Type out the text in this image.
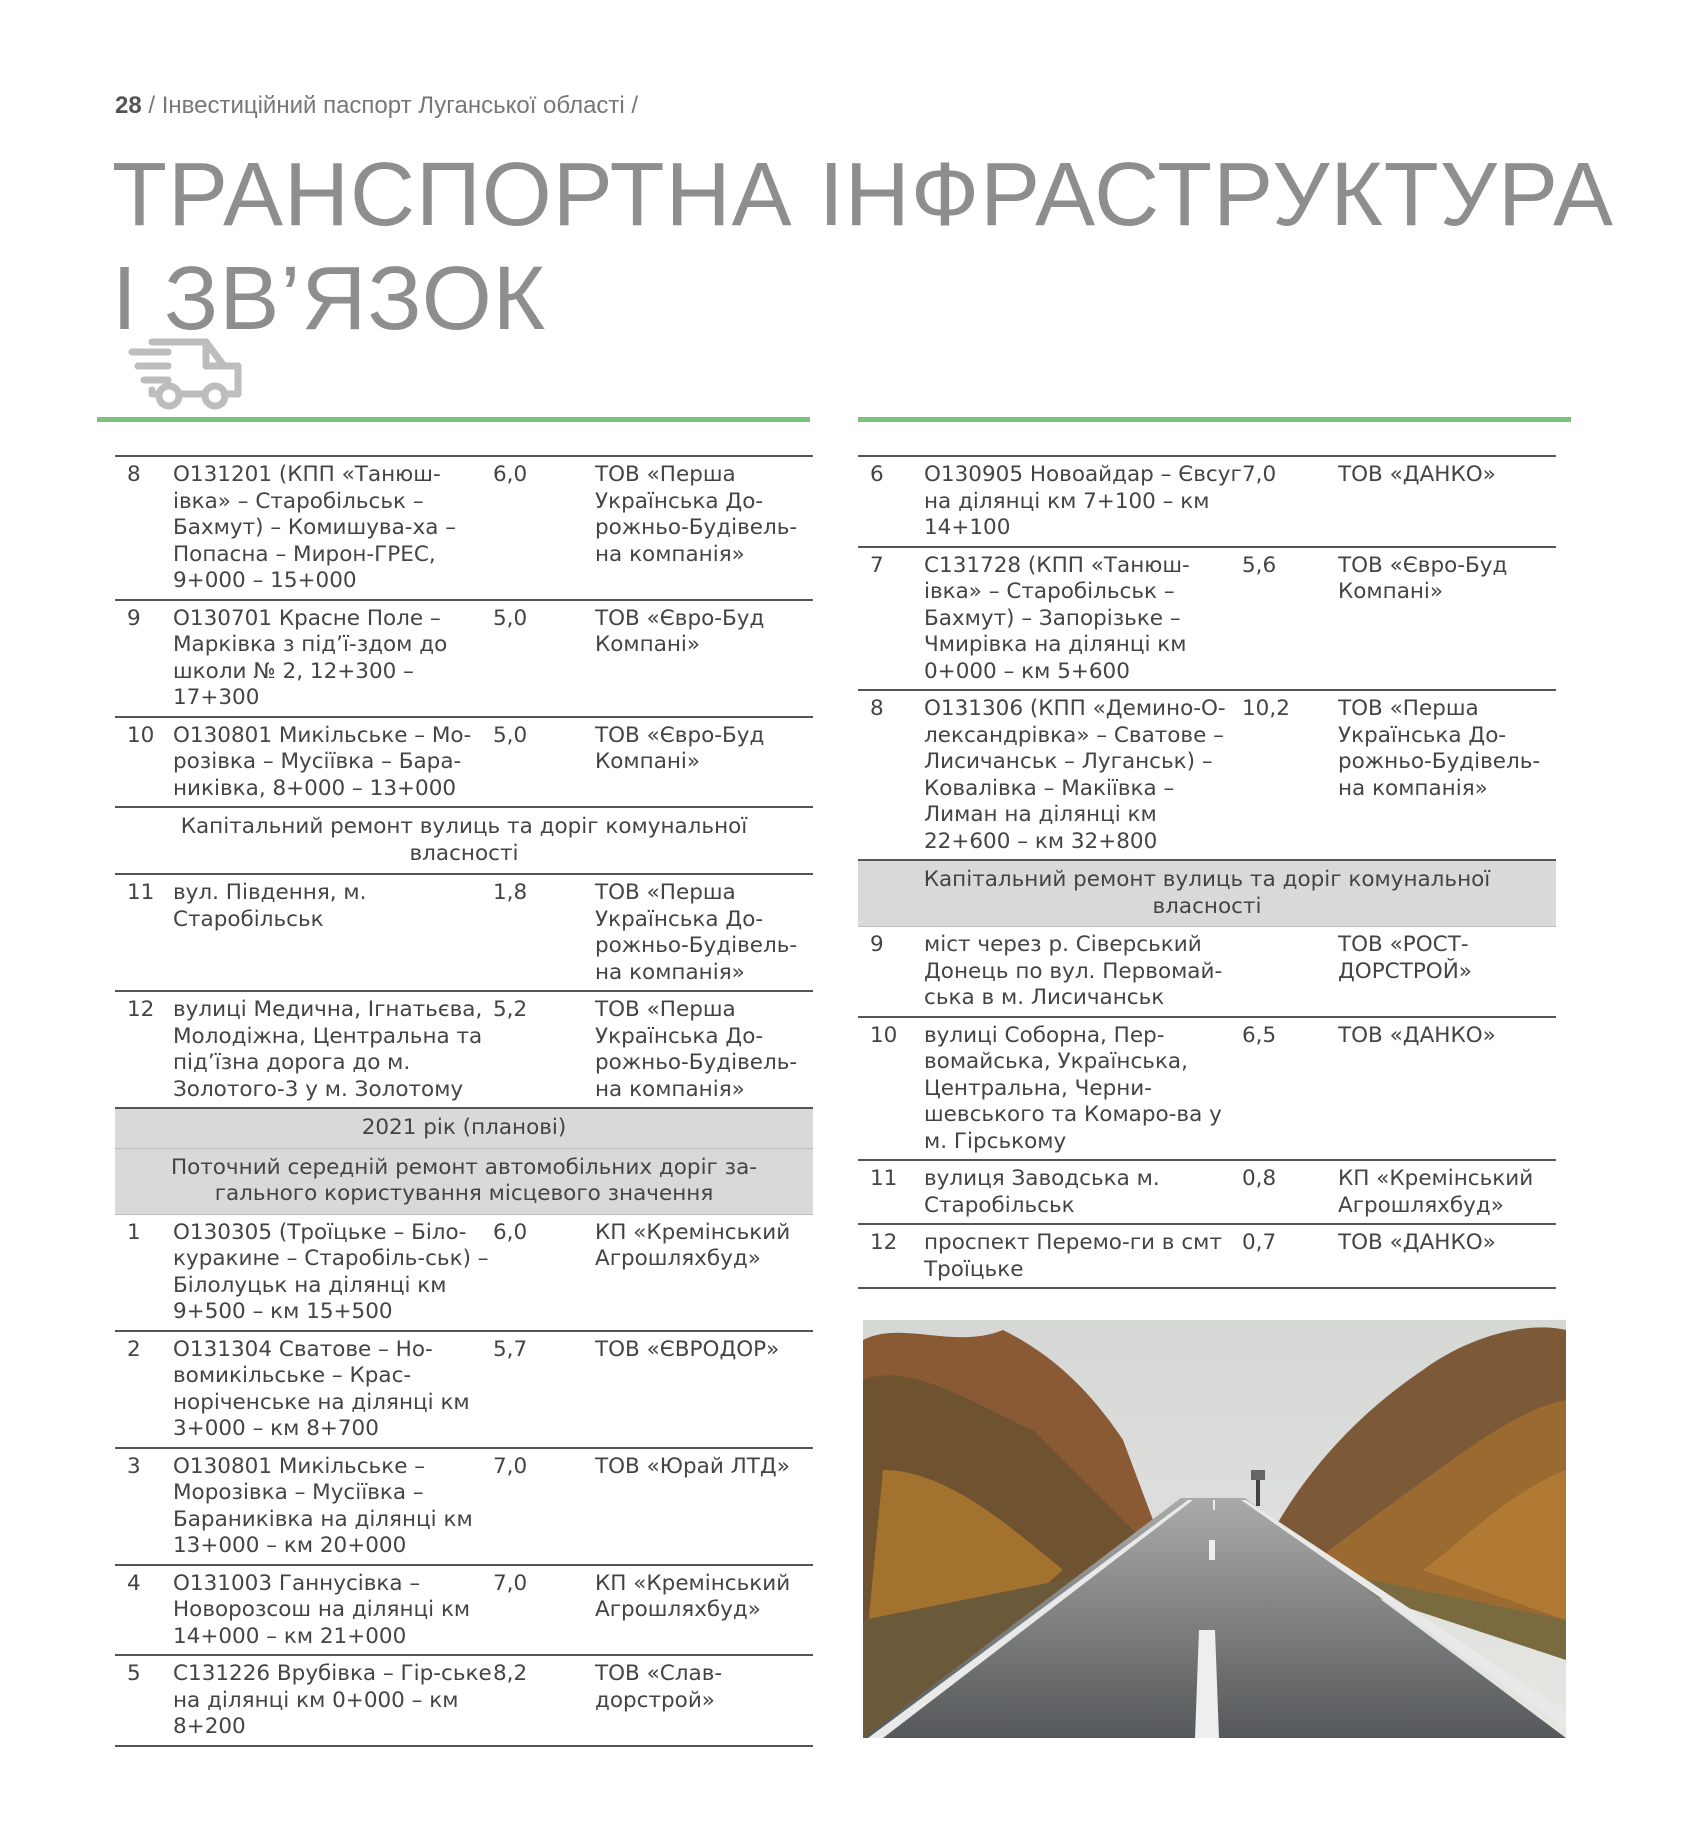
28 / Інвестиційний паспорт Луганської області /
ТРАНСПОРТНА ІНФРАСТРУКТУРА
І ЗВ’ЯЗОК
8	О131201 (КПП «Танюш-івка» – Старобільськ – Бахмут) – Комишува-ха – Попасна – Мирон-ГРЕС, 9+000 – 15+000	6,0	ТОВ «Перша Українська До-рожньо-Будівель-на компанія»
9	О130701 Красне Поле – Марківка з під’ї-здом до школи № 2, 12+300 – 17+300	5,0	ТОВ «Євро-Буд Компані»
10	О130801 Микільське – Мо-розівка – Мусіївка – Бара-никівка, 8+000 – 13+000	5,0	ТОВ «Євро-Буд Компані»
Капітальний ремонт вулиць та доріг комунальної власності			
11	вул. Південня, м. Старобільськ	1,8	ТОВ «Перша Українська До-рожньо-Будівель-на компанія»
12	вулиці Медична, Ігнатьєва, Молодіжна, Центральна та під’їзна дорога до м. Золотого-3 у м. Золотому	5,2	ТОВ «Перша Українська До-рожньо-Будівель-на компанія»
2021 рік (планові)			
Поточний середній ремонт автомобільних доріг за-гального користування місцевого значення			
1	О130305 (Троїцьке – Біло-куракине – Старобіль-ськ) – Білолуцьк на ділянці км 9+500 – км 15+500	6,0	КП «Кремінський Агрошляхбуд»
2	О131304 Сватове – Но-вомикільське – Крас-норіченське на ділянці км 3+000 – км 8+700	5,7	ТОВ «ЄВРОДОР»
3	О130801 Микільське – Морозівка – Мусіївка – Бараниківка на ділянці км 13+000 – км 20+000	7,0	ТОВ «Юрай ЛТД»
4	О131003 Ганнусівка – Новорозсош на ділянці км 14+000 – км 21+000	7,0	КП «Кремінський Агрошляхбуд»
5	С131226 Врубівка – Гір-ське на ділянці км 0+000 – км 8+200	8,2	ТОВ «Слав-дорстрой»
6	О130905 Новоайдар – Євсуг на ділянці км 7+100 – км 14+100	7,0	ТОВ «ДАНКО»
7	С131728 (КПП «Танюш-івка» – Старобільськ – Бахмут) – Запорізьке – Чмирівка на ділянці км 0+000 – км 5+600	5,6	ТОВ «Євро-Буд Компані»
8	О131306 (КПП «Демино-О-лександрівка» – Сватове – Лисичанськ – Луганськ) – Ковалівка – Макіївка – Лиман на ділянці км 22+600 – км 32+800	10,2	ТОВ «Перша Українська До-рожньо-Будівель-на компанія»
Капітальний ремонт вулиць та доріг комунальної власності			
9	міст через р. Сіверський Донець по вул. Первомай-ська в м. Лисичанськ		ТОВ «РОСТ-ДОРСТРОЙ»
10	вулиці Соборна, Пер-вомайська, Українська, Центральна, Черни-шевського та Комаро-ва у м. Гірському	6,5	ТОВ «ДАНКО»
11	вулиця Заводська м. Старобільськ	0,8	КП «Кремінський Агрошляхбуд»
12	проспект Перемо-ги в смт Троїцьке	0,7	ТОВ «ДАНКО»
